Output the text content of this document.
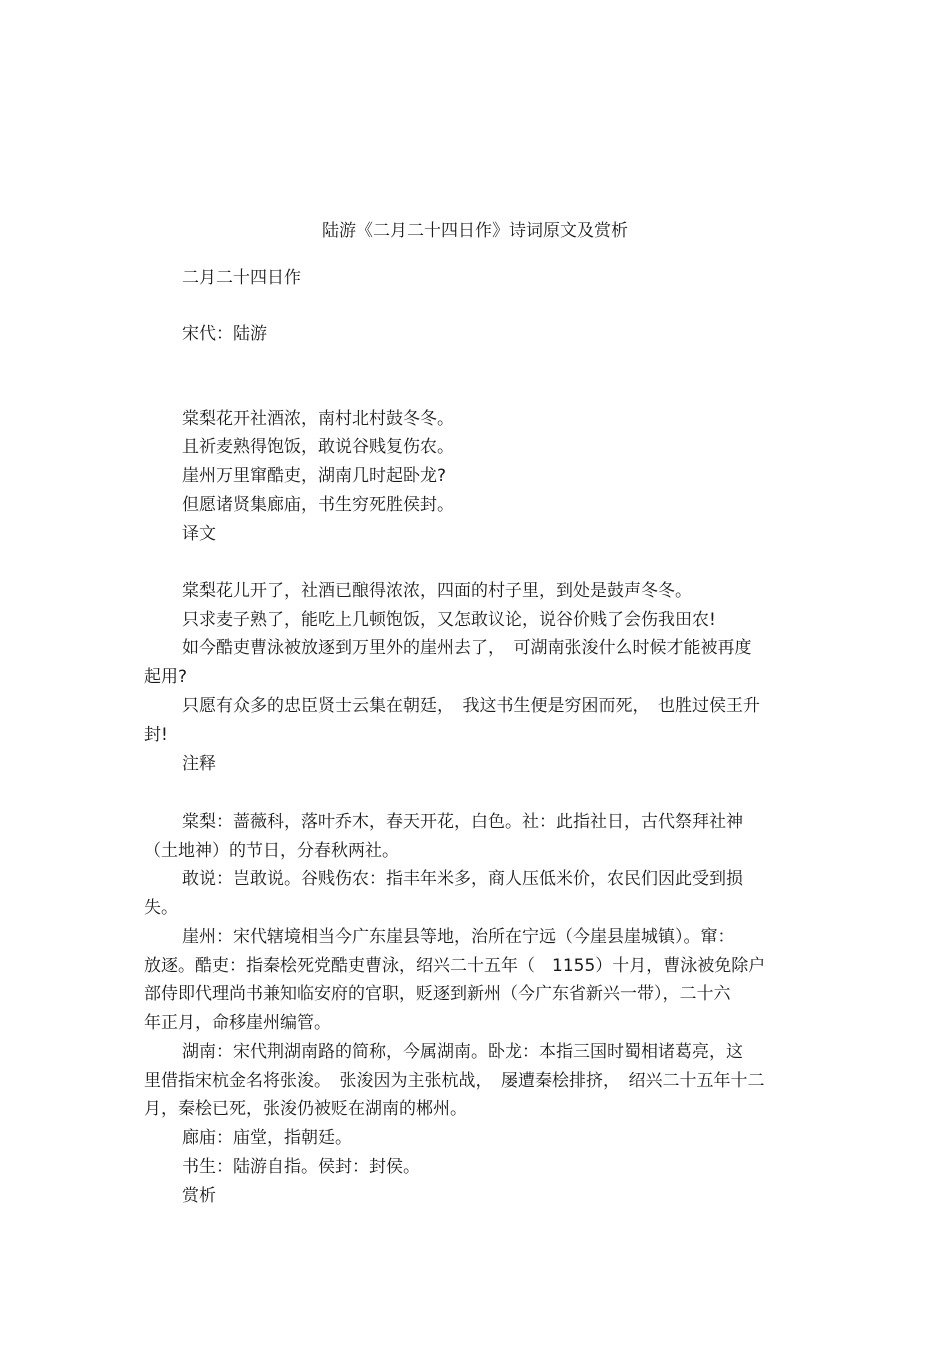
陆游《二月二十四日作》诗词原文及赏析
二月二十四日作
宋代：陆游
棠梨花开社酒浓，南村北村鼓冬冬。
且祈麦熟得饱饭，敢说谷贱复伤农。
崖州万里窜酷吏，湖南几时起卧龙?
但愿诸贤集廊庙，书生穷死胜侯封。
译文
棠梨花儿开了，社酒已酿得浓浓，四面的村子里，到处是鼓声冬冬。
只求麦子熟了，能吃上几顿饱饭，又怎敢议论，说谷价贱了会伤我田农!
如今酷吏曹泳被放逐到万里外的崖州去了，　可湖南张浚什么时候才能被再度
起用?
只愿有众多的忠臣贤士云集在朝廷，　我这书生便是穷困而死，　也胜过侯王升
封!
注释
棠梨：蔷薇科，落叶乔木，春天开花，白色。社：此指社日，古代祭拜社神
（土地神）的节日，分春秋两社。
敢说：岂敢说。谷贱伤农：指丰年米多，商人压低米价，农民们因此受到损
失。
崖州：宋代辖境相当今广东崖县等地，治所在宁远（今崖县崖城镇）。窜：
放逐。酷吏：指秦桧死党酷吏曹泳，绍兴二十五年（　1155）十月，曹泳被免除户
部侍即代理尚书兼知临安府的官职，贬逐到新州（今广东省新兴一带），二十六
年正月，命移崖州编管。
湖南：宋代荆湖南路的简称，今属湖南。卧龙：本指三国时蜀相诸葛亮，这
里借指宋杭金名将张浚。　张浚因为主张杭战，　屡遭秦桧排挤，　绍兴二十五年十二
月，秦桧已死，张浚仍被贬在湖南的郴州。
廊庙：庙堂，指朝廷。
书生：陆游自指。侯封：封侯。
赏析
